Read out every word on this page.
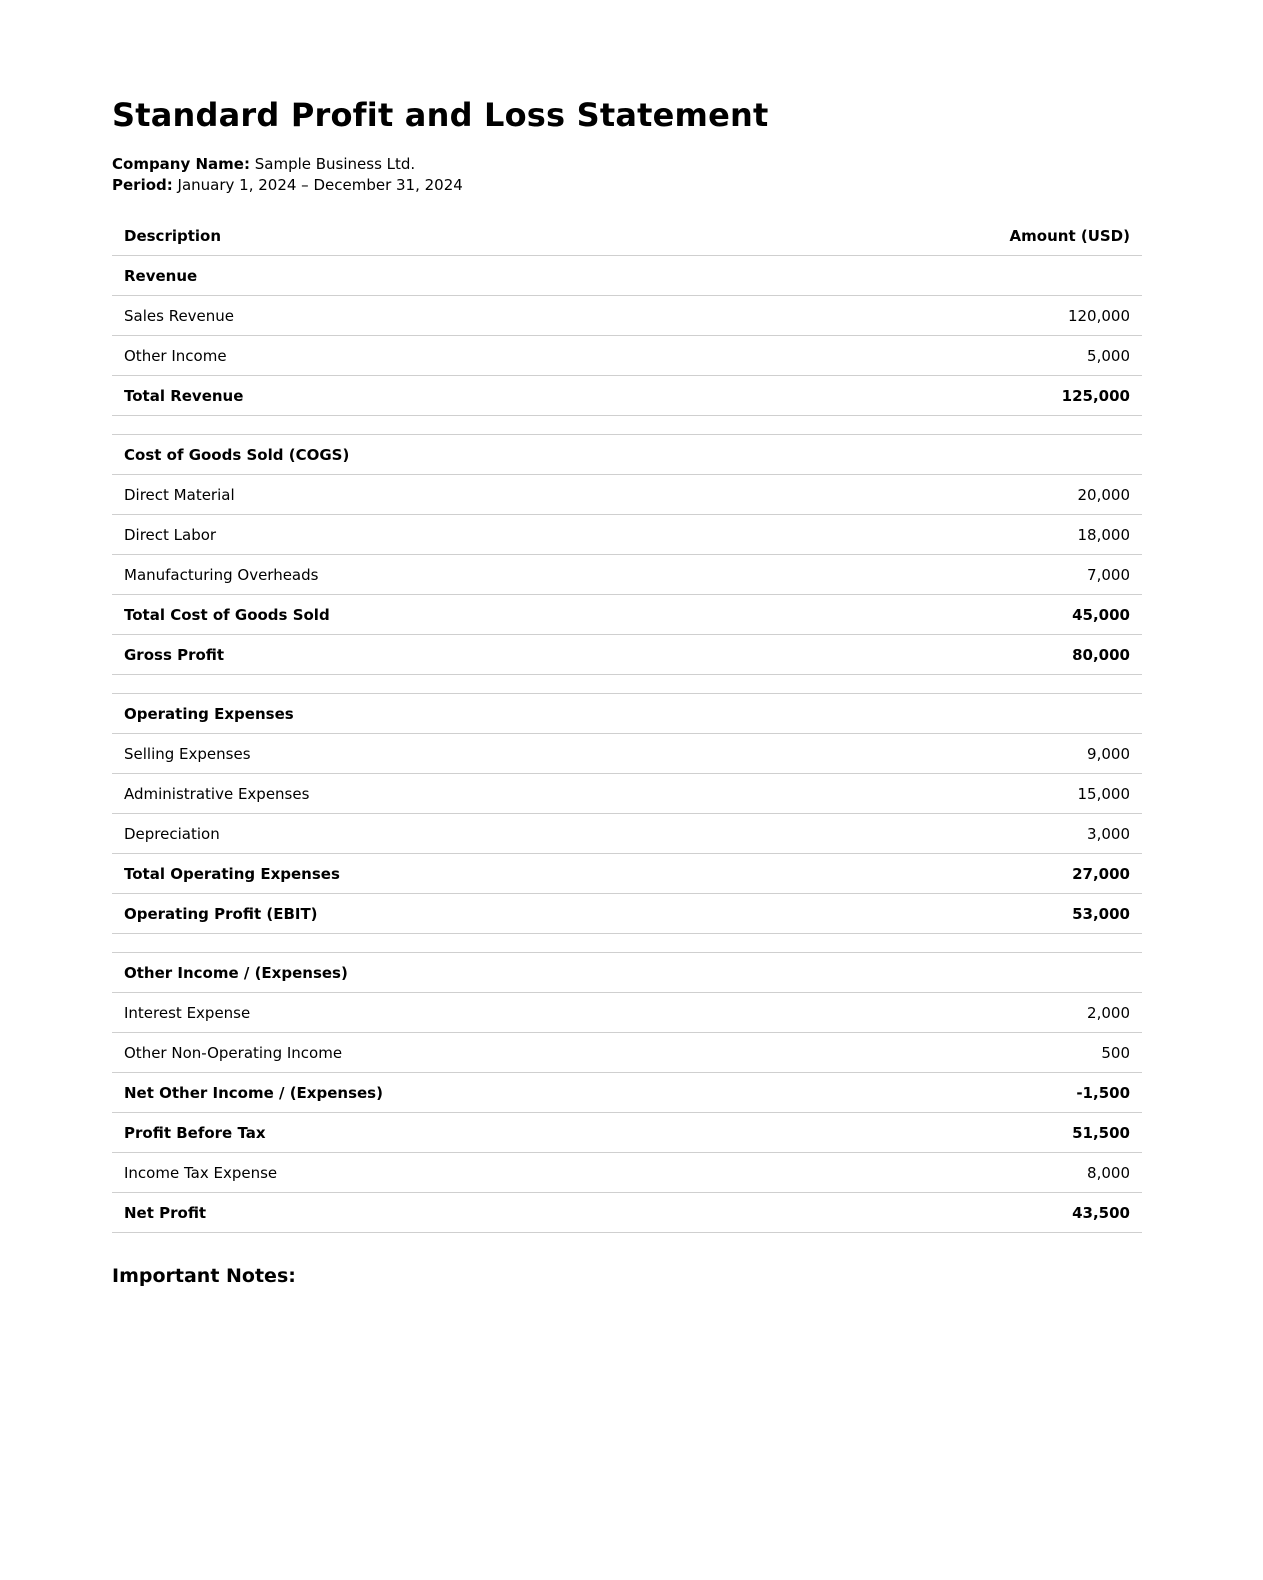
Standard Profit and Loss Statement
Company Name: Sample Business Ltd.
Period: January 1, 2024 – December 31, 2024
Description	Amount (USD)
Revenue	
Sales Revenue	120,000
Other Income	5,000
Total Revenue	125,000

Cost of Goods Sold (COGS)	
Direct Material	20,000
Direct Labor	18,000
Manufacturing Overheads	7,000
Total Cost of Goods Sold	45,000
Gross Profit	80,000

Operating Expenses	
Selling Expenses	9,000
Administrative Expenses	15,000
Depreciation	3,000
Total Operating Expenses	27,000
Operating Profit (EBIT)	53,000

Other Income / (Expenses)	
Interest Expense	2,000
Other Non-Operating Income	500
Net Other Income / (Expenses)	-1,500
Profit Before Tax	51,500
Income Tax Expense	8,000
Net Profit	43,500
Important Notes:
